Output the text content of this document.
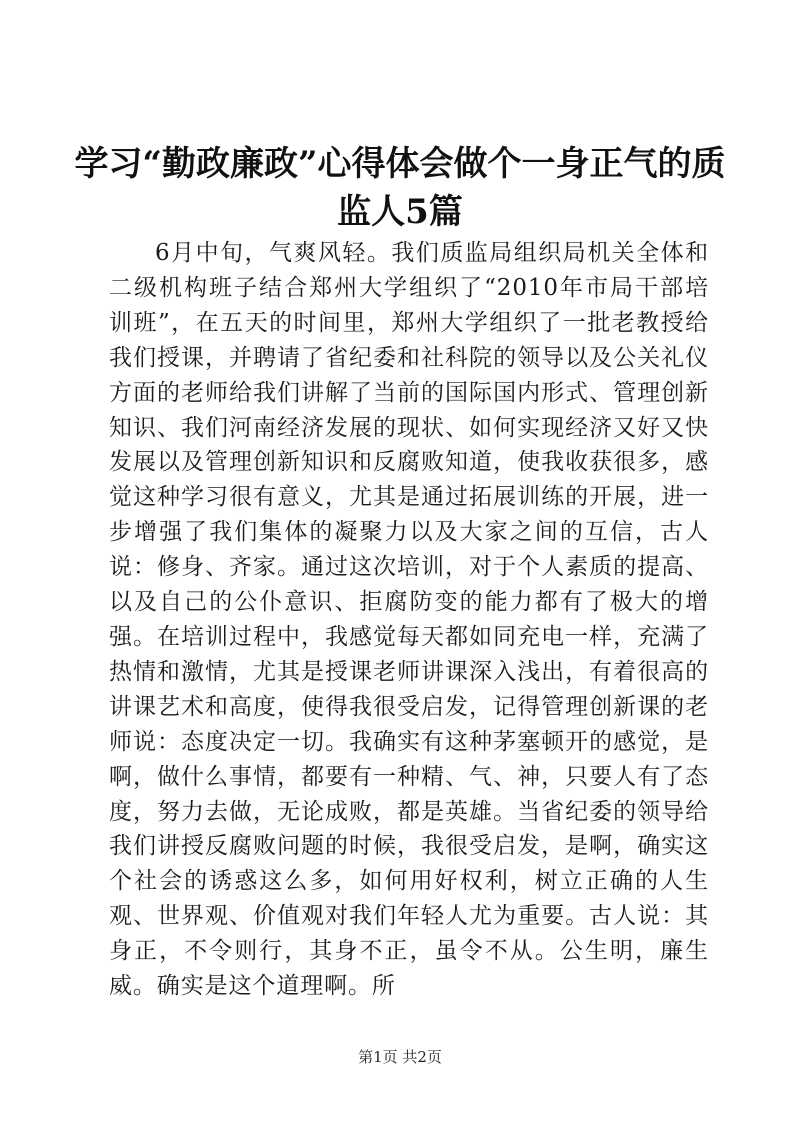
学习“勤政廉政”心得体会做个一身正气的质监人5篇

6月中旬，气爽风轻。我们质监局组织局机关全体和二级机构班子结合郑州大学组织了“2010年市局干部培训班”，在五天的时间里，郑州大学组织了一批老教授给我们授课，并聘请了省纪委和社科院的领导以及公关礼仪方面的老师给我们讲解了当前的国际国内形式、管理创新知识、我们河南经济发展的现状、如何实现经济又好又快发展以及管理创新知识和反腐败知道，使我收获很多，感觉这种学习很有意义，尤其是通过拓展训练的开展，进一步增强了我们集体的凝聚力以及大家之间的互信，古人说：修身、齐家。通过这次培训，对于个人素质的提高、以及自己的公仆意识、拒腐防变的能力都有了极大的增强。在培训过程中，我感觉每天都如同充电一样，充满了热情和激情，尤其是授课老师讲课深入浅出，有着很高的讲课艺术和高度，使得我很受启发，记得管理创新课的老师说：态度决定一切。我确实有这种茅塞顿开的感觉，是啊，做什么事情，都要有一种精、气、神，只要人有了态度，努力去做，无论成败，都是英雄。当省纪委的领导给我们讲授反腐败问题的时候，我很受启发，是啊，确实这个社会的诱惑这么多，如何用好权利，树立正确的人生观、世界观、价值观对我们年轻人尤为重要。古人说：其身正，不令则行，其身不正，虽令不从。公生明，廉生威。确实是这个道理啊。所

第1页 共2页
